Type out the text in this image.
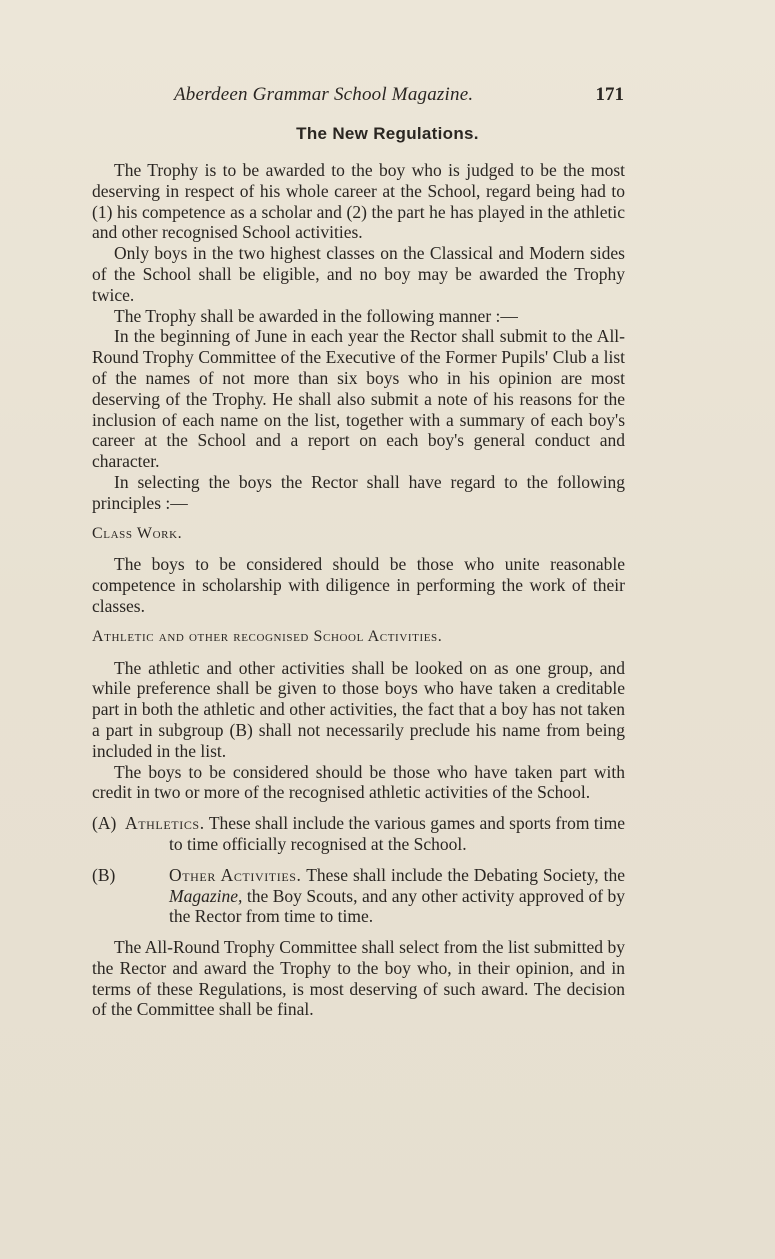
Aberdeen Grammar School Magazine.	171
The New Regulations.

The Trophy is to be awarded to the boy who is judged to be the most deserving in respect of his whole career at the School, regard being had to (1) his competence as a scholar and (2) the part he has played in the athletic and other recognised School activities.

Only boys in the two highest classes on the Classical and Modern sides of the School shall be eligible, and no boy may be awarded the Trophy twice.

The Trophy shall be awarded in the following manner :—

In the beginning of June in each year the Rector shall submit to the All-Round Trophy Committee of the Executive of the Former Pupils' Club a list of the names of not more than six boys who in his opinion are most deserving of the Trophy. He shall also submit a note of his reasons for the inclusion of each name on the list, together with a summary of each boy's career at the School and a report on each boy's general conduct and character.

In selecting the boys the Rector shall have regard to the following principles :—

Class Work.

The boys to be considered should be those who unite reasonable competence in scholarship with diligence in performing the work of their classes.

Athletic and other recognised School Activities.

The athletic and other activities shall be looked on as one group, and while preference shall be given to those boys who have taken a creditable part in both the athletic and other activities, the fact that a boy has not taken a part in subgroup (B) shall not necessarily preclude his name from being included in the list.

The boys to be considered should be those who have taken part with credit in two or more of the recognised athletic activities of the School.

(A) Athletics. These shall include the various games and sports from time to time officially recognised at the School.
(B)	Other Activities. These shall include the Debating Society, the Magazine, the Boy Scouts, and any other activity approved of by the Rector from time to time.

The All-Round Trophy Committee shall select from the list submitted by the Rector and award the Trophy to the boy who, in their opinion, and in terms of these Regulations, is most deserving of such award. The decision of the Committee shall be final.
